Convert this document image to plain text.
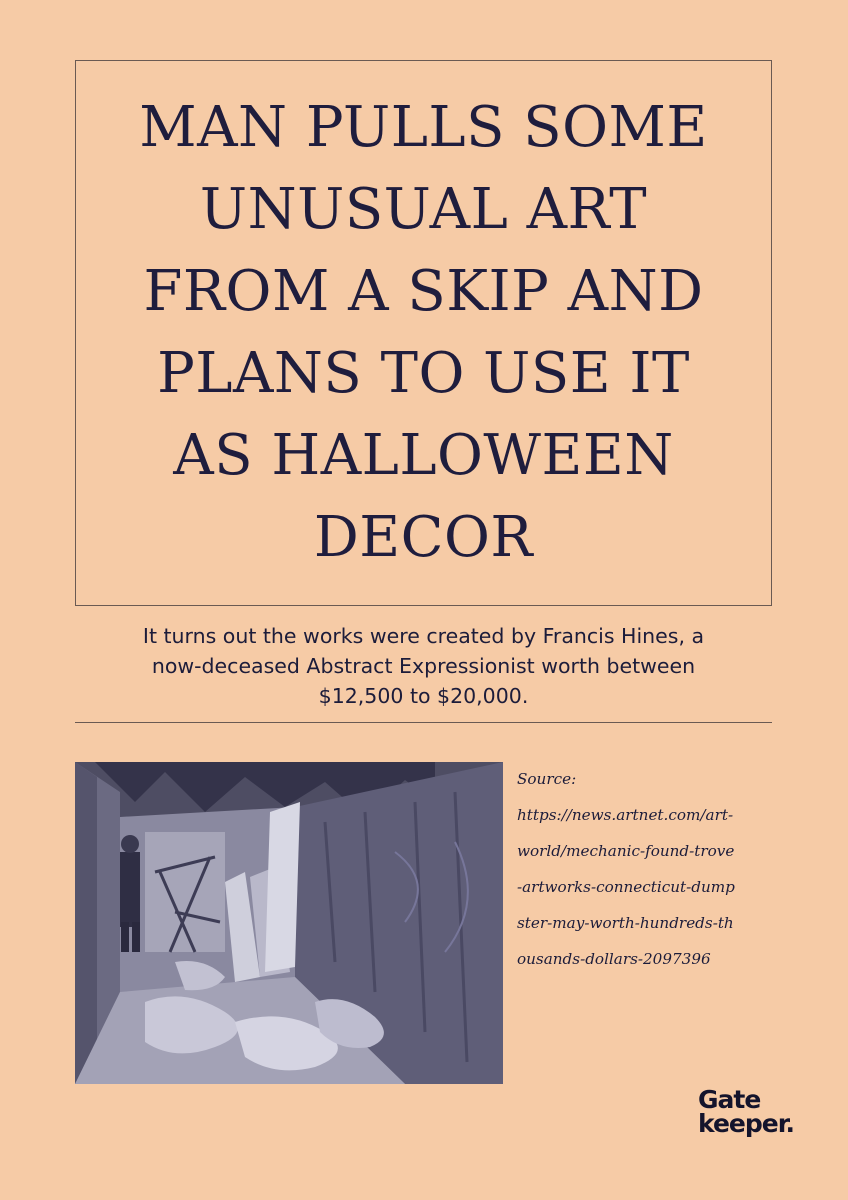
MAN PULLS SOME
UNUSUAL ART
FROM A SKIP AND
PLANS TO USE IT
AS HALLOWEEN
DECOR

It turns out the works were created by Francis Hines, a
now-deceased Abstract Expressionist worth between
$12,500 to $20,000.

Source:
https://news.artnet.com/art-
world/mechanic-found-trove
-artworks-connecticut-dump
ster-may-worth-hundreds-th
ousands-dollars-2097396
Gate
keeper.
